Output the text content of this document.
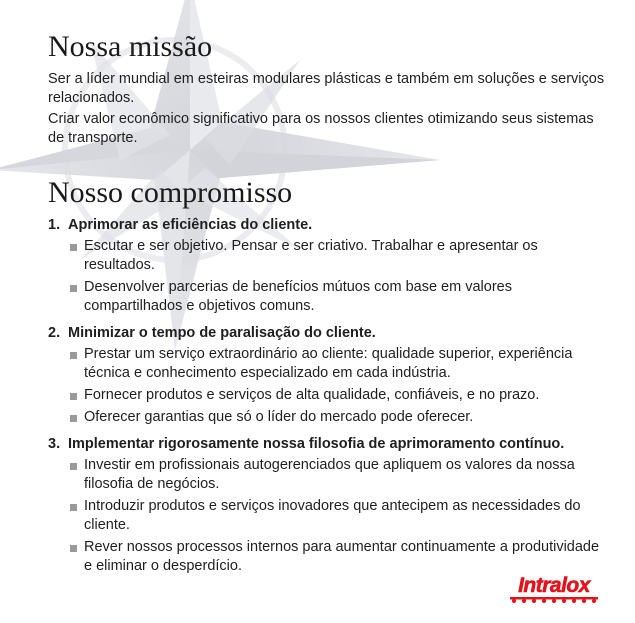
Nossa missão

Ser a líder mundial em esteiras modulares plásticas e também em soluções e serviços relacionados.

Criar valor econômico significativo para os nossos clientes otimizando seus sistemas de transporte.

Nosso compromisso
1. Aprimorar as eficiências do cliente.
Escutar e ser objetivo. Pensar e ser criativo. Trabalhar e apresentar os resultados.
Desenvolver parcerias de benefícios mútuos com base em valores compartilhados e objetivos comuns.
2. Minimizar o tempo de paralisação do cliente.
Prestar um serviço extraordinário ao cliente: qualidade superior, experiência técnica e conhecimento especializado em cada indústria.
Fornecer produtos e serviços de alta qualidade, confiáveis, e no prazo.
Oferecer garantias que só o líder do mercado pode oferecer.
3. Implementar rigorosamente nossa filosofia de aprimoramento contínuo.
Investir em profissionais autogerenciados que apliquem os valores da nossa filosofia de negócios.
Introduzir produtos e serviços inovadores que antecipem as necessidades do cliente.
Rever nossos processos internos para aumentar continuamente a produtividade e eliminar o desperdício.
Intralox
